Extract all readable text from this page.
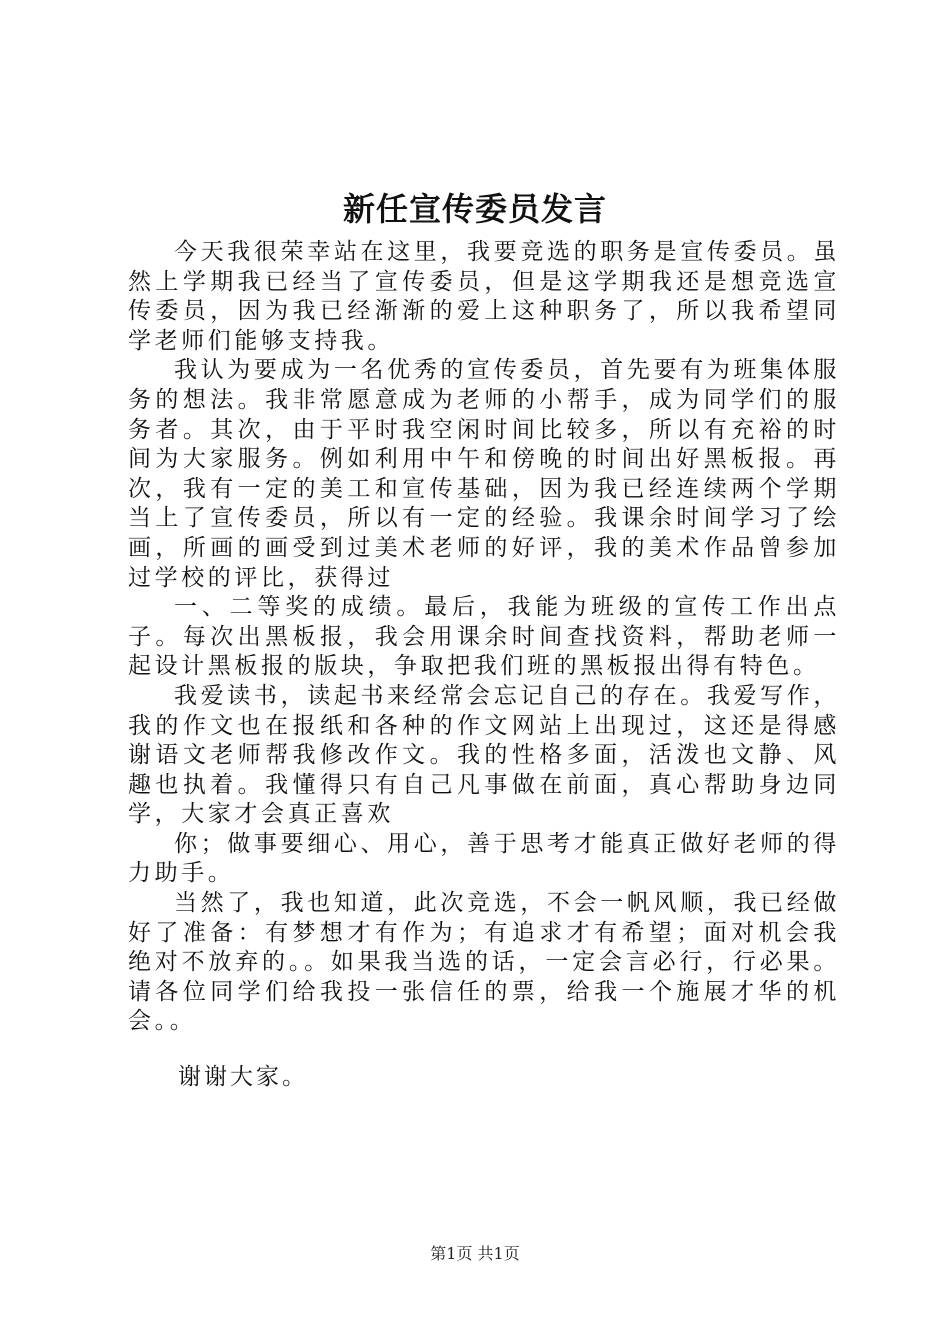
新任宣传委员发言

今天我很荣幸站在这里，我要竞选的职务是宣传委员。虽然上学期我已经当了宣传委员，但是这学期我还是想竞选宣传委员，因为我已经渐渐的爱上这种职务了，所以我希望同学老师们能够支持我。

我认为要成为一名优秀的宣传委员，首先要有为班集体服务的想法。我非常愿意成为老师的小帮手，成为同学们的服务者。其次，由于平时我空闲时间比较多，所以有充裕的时间为大家服务。例如利用中午和傍晚的时间出好黑板报。再次，我有一定的美工和宣传基础，因为我已经连续两个学期当上了宣传委员，所以有一定的经验。我课余时间学习了绘画，所画的画受到过美术老师的好评，我的美术作品曾参加过学校的评比，获得过

一、二等奖的成绩。最后，我能为班级的宣传工作出点子。每次出黑板报，我会用课余时间查找资料，帮助老师一起设计黑板报的版块，争取把我们班的黑板报出得有特色。

我爱读书，读起书来经常会忘记自己的存在。我爱写作，我的作文也在报纸和各种的作文网站上出现过，这还是得感谢语文老师帮我修改作文。我的性格多面，活泼也文静、风趣也执着。我懂得只有自己凡事做在前面，真心帮助身边同学，大家才会真正喜欢

你；做事要细心、用心，善于思考才能真正做好老师的得力助手。

当然了，我也知道，此次竞选，不会一帆风顺，我已经做好了准备：有梦想才有作为；有追求才有希望；面对机会我绝对不放弃的。。如果我当选的话，一定会言必行，行必果。请各位同学们给我投一张信任的票，给我一个施展才华的机会。。

谢谢大家。
第1页 共1页
